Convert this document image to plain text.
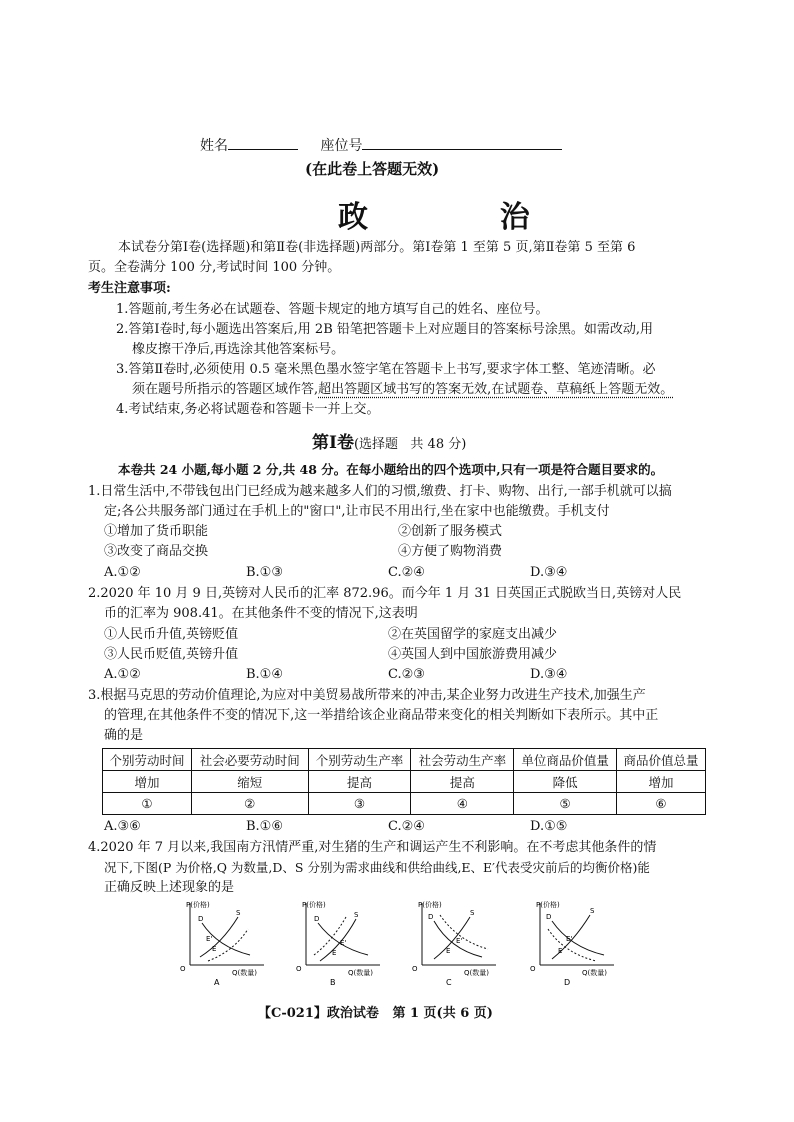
姓名	座位号
(在此卷上答题无效)
政    治
本试卷分第Ⅰ卷(选择题)和第Ⅱ卷(非选择题)两部分。第Ⅰ卷第 1 至第 5 页,第Ⅱ卷第 5 至第 6
页。全卷满分 100 分,考试时间 100 分钟。
考生注意事项:
1.答题前,考生务必在试题卷、答题卡规定的地方填写自己的姓名、座位号。
2.答第Ⅰ卷时,每小题选出答案后,用 2B 铅笔把答题卡上对应题目的答案标号涂黑。如需改动,用
橡皮擦干净后,再选涂其他答案标号。
3.答第Ⅱ卷时,必须使用 0.5 毫米黑色墨水签字笔在答题卡上书写,要求字体工整、笔迹清晰。必
须在题号所指示的答题区域作答,超出答题区域书写的答案无效,在试题卷、草稿纸上答题无效。
4.考试结束,务必将试题卷和答题卡一并上交。
第Ⅰ卷(选择题   共 48 分)
本卷共 24 小题,每小题 2 分,共 48 分。在每小题给出的四个选项中,只有一项是符合题目要求的。
1.日常生活中,不带钱包出门已经成为越来越多人们的习惯,缴费、打卡、购物、出行,一部手机就可以搞
定;各公共服务部门通过在手机上的"窗口",让市民不用出行,坐在家中也能缴费。手机支付
①增加了货币职能	②创新了服务模式
③改变了商品交换	④方便了购物消费
A.①②	B.①③	C.②④	D.③④
2.2020 年 10 月 9 日,英镑对人民币的汇率 872.96。而今年 1 月 31 日英国正式脱欧当日,英镑对人民
币的汇率为 908.41。在其他条件不变的情况下,这表明
①人民币升值,英镑贬值	②在英国留学的家庭支出减少
③人民币贬值,英镑升值	④英国人到中国旅游费用减少
A.①②	B.①④	C.②③	D.③④
3.根据马克思的劳动价值理论,为应对中美贸易战所带来的冲击,某企业努力改进生产技术,加强生产
的管理,在其他条件不变的情况下,这一举措给该企业商品带来变化的相关判断如下表所示。其中正
确的是
个别劳动时间	社会必要劳动时间	个别劳动生产率	社会劳动生产率	单位商品价值量	商品价值总量
增加	缩短	提高	提高	降低	增加
①	②	③	④	⑤	⑥
A.③⑥	B.①⑥	C.②④	D.①⑤
4.2020 年 7 月以来,我国南方汛情严重,对生猪的生产和调运产生不利影响。在不考虑其他条件的情
况下,下图(P 为价格,Q 为数量,D、S 分别为需求曲线和供给曲线,E、E′代表受灾前后的均衡价格)能
正确反映上述现象的是
P(价格)
Q(数量)
O
D
S
E'
E
A
P(价格)
Q(数量)
O
D	S
E'
E
B
P(价格)
Q(数量)
O
D	S
E'
E
C
P(价格)
Q(数量)
O
D
S
E'
E
D
【C-021】政治试卷   第 1 页(共 6 页)
